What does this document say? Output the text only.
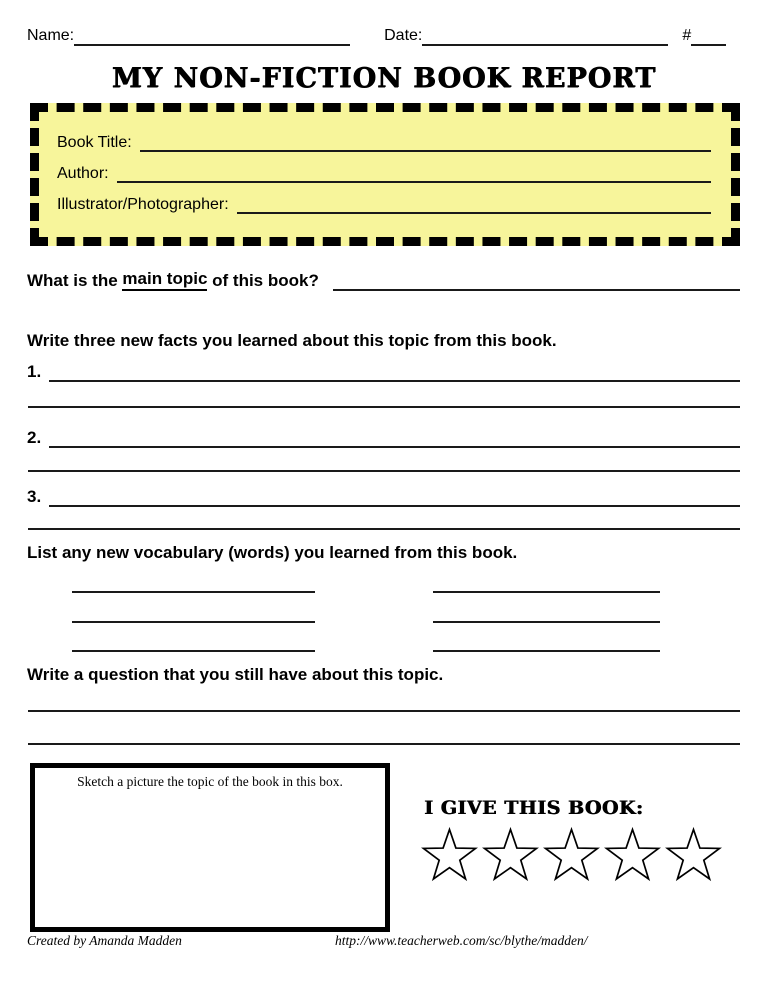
Name:	Date:	#
MY NON-FICTION BOOK REPORT
Book Title:
Author:
Illustrator/Photographer:
What is the main topic of this book?
Write three new facts you learned about this topic from this book.
1.
2.
3.
List any new vocabulary (words) you learned from this book.
Write a question that you still have about this topic.
Sketch a picture the topic of the book in this box.
I GIVE THIS BOOK:
Created by Amanda Madden	http://www.teacherweb.com/sc/blythe/madden/
